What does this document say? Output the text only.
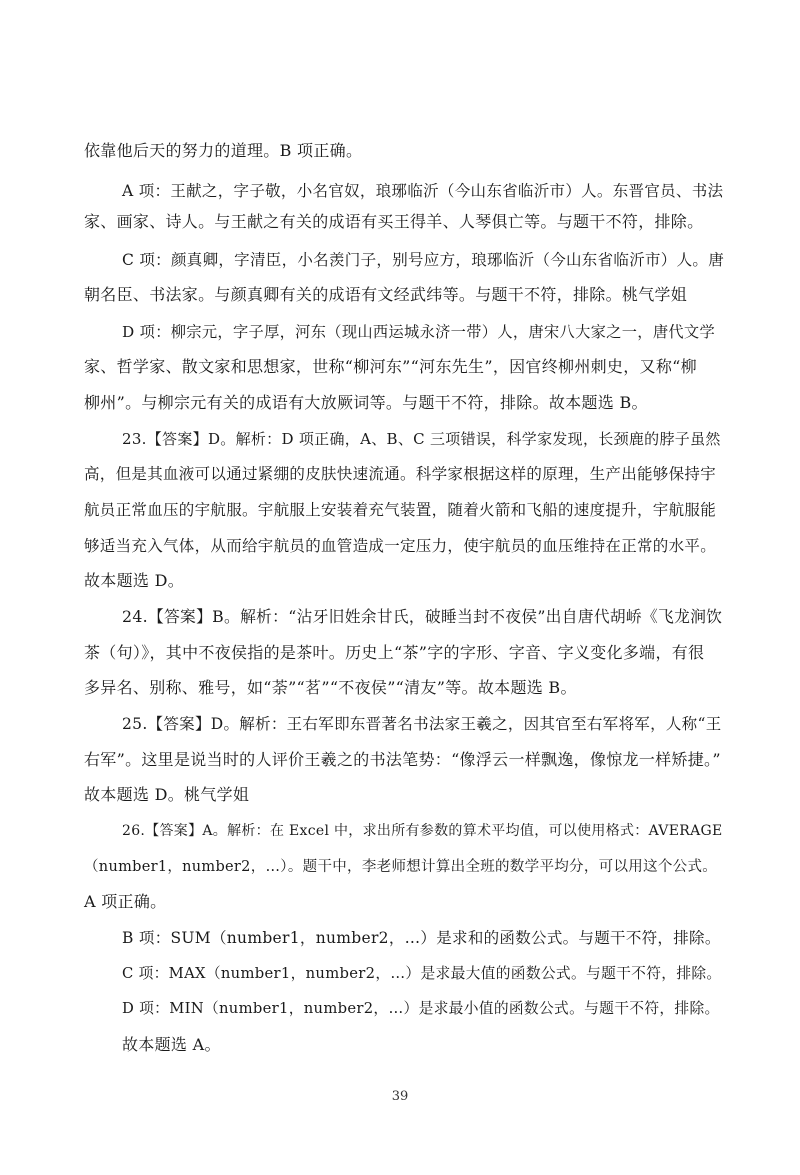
依靠他后天的努力的道理。B 项正确。
A 项：王献之，字子敬，小名官奴，琅琊临沂（今山东省临沂市）人。东晋官员、书法
家、画家、诗人。与王献之有关的成语有买王得羊、人琴俱亡等。与题干不符，排除。
C 项：颜真卿，字清臣，小名羡门子，别号应方，琅琊临沂（今山东省临沂市）人。唐
朝名臣、书法家。与颜真卿有关的成语有文经武纬等。与题干不符，排除。桃气学姐
D 项：柳宗元，字子厚，河东（现山西运城永济一带）人，唐宋八大家之一，唐代文学
家、哲学家、散文家和思想家，世称“柳河东”“河东先生”，因官终柳州刺史，又称“柳
柳州”。与柳宗元有关的成语有大放厥词等。与题干不符，排除。故本题选 B。
23.【答案】D。解析：D 项正确，A、B、C 三项错误，科学家发现，长颈鹿的脖子虽然
高，但是其血液可以通过紧绷的皮肤快速流通。科学家根据这样的原理，生产出能够保持宇
航员正常血压的宇航服。宇航服上安装着充气装置，随着火箭和飞船的速度提升，宇航服能
够适当充入气体，从而给宇航员的血管造成一定压力，使宇航员的血压维持在正常的水平。
故本题选 D。
24.【答案】B。解析：“沾牙旧姓余甘氏，破睡当封不夜侯”出自唐代胡峤《飞龙涧饮
茶（句）》，其中不夜侯指的是茶叶。历史上“茶”字的字形、字音、字义变化多端，有很
多异名、别称、雅号，如“荼”“茗”“不夜侯”“清友”等。故本题选 B。
25.【答案】D。解析：王右军即东晋著名书法家王羲之，因其官至右军将军，人称“王
右军”。这里是说当时的人评价王羲之的书法笔势：“像浮云一样飘逸，像惊龙一样矫捷。”
故本题选 D。桃气学姐
26.【答案】A。解析：在 Excel 中，求出所有参数的算术平均值，可以使用格式：AVERAGE
（number1，number2，…）。题干中，李老师想计算出全班的数学平均分，可以用这个公式。
A 项正确。
B 项：SUM（number1，number2，…）是求和的函数公式。与题干不符，排除。
C 项：MAX（number1，number2，…）是求最大值的函数公式。与题干不符，排除。
D 项：MIN（number1，number2，…）是求最小值的函数公式。与题干不符，排除。
故本题选 A。
39
